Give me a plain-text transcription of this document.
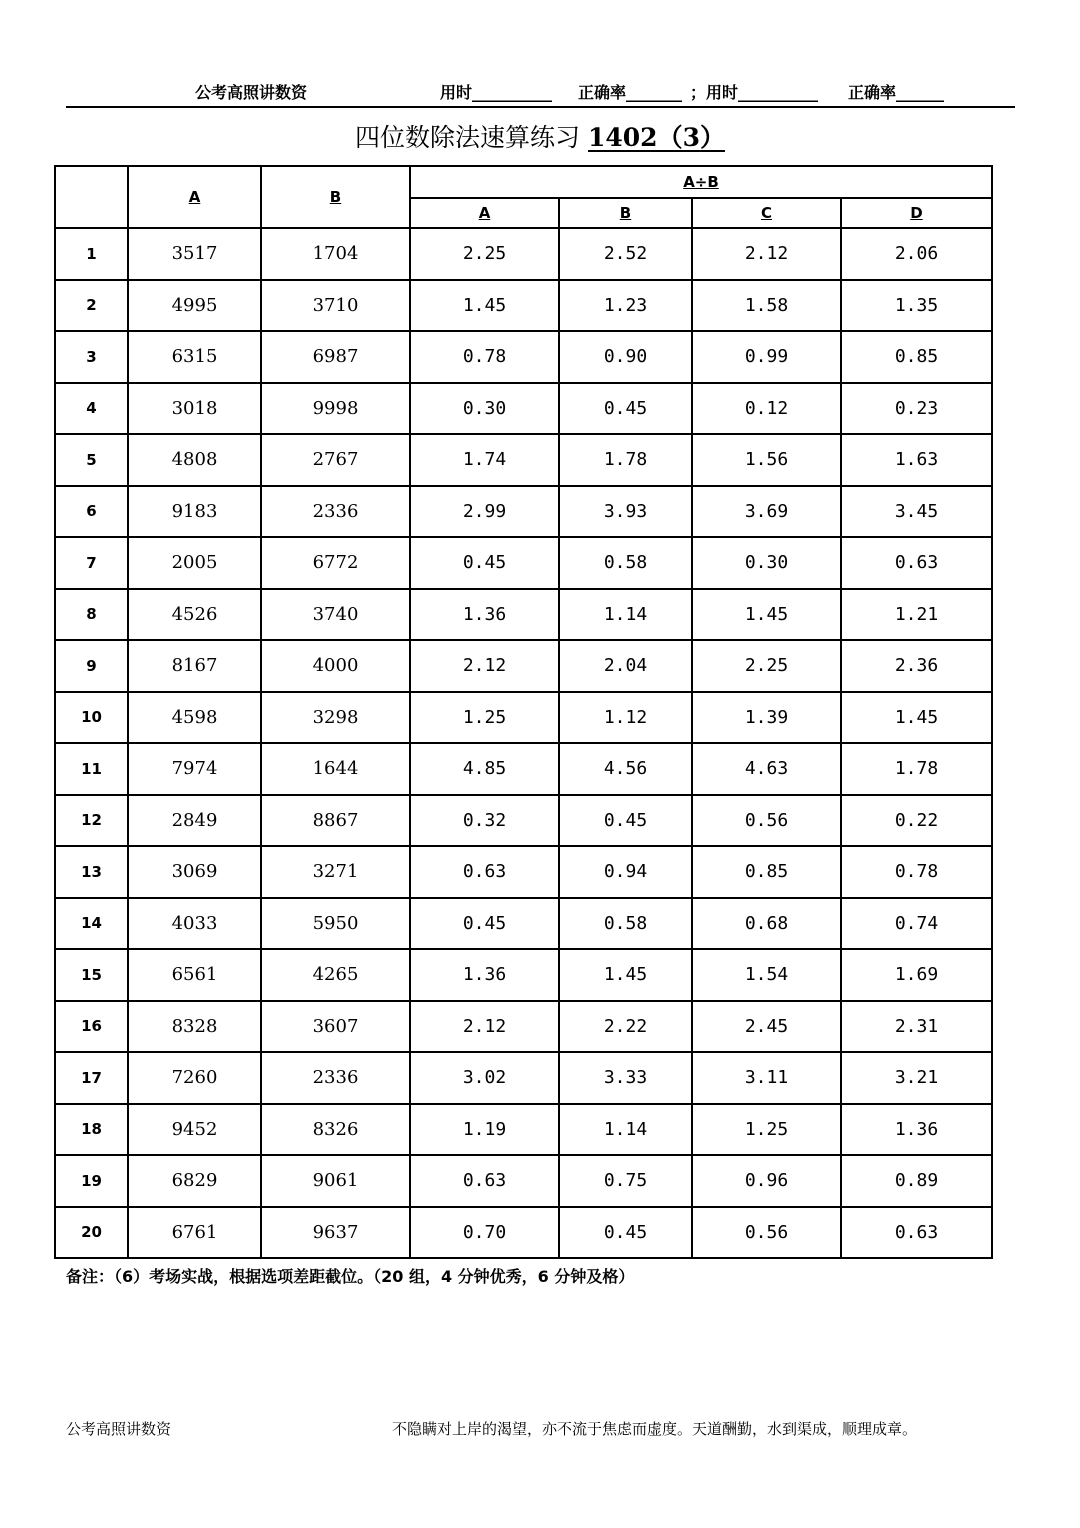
公考高照讲数资	用时__________ 正确率_______ ；用时__________ 正确率______
四位数除法速算练习 1402（3）
	A	B	A÷B			
			A	B	C	D
1	3517	1704	2.25	2.52	2.12	2.06
2	4995	3710	1.45	1.23	1.58	1.35
3	6315	6987	0.78	0.90	0.99	0.85
4	3018	9998	0.30	0.45	0.12	0.23
5	4808	2767	1.74	1.78	1.56	1.63
6	9183	2336	2.99	3.93	3.69	3.45
7	2005	6772	0.45	0.58	0.30	0.63
8	4526	3740	1.36	1.14	1.45	1.21
9	8167	4000	2.12	2.04	2.25	2.36
10	4598	3298	1.25	1.12	1.39	1.45
11	7974	1644	4.85	4.56	4.63	1.78
12	2849	8867	0.32	0.45	0.56	0.22
13	3069	3271	0.63	0.94	0.85	0.78
14	4033	5950	0.45	0.58	0.68	0.74
15	6561	4265	1.36	1.45	1.54	1.69
16	8328	3607	2.12	2.22	2.45	2.31
17	7260	2336	3.02	3.33	3.11	3.21
18	9452	8326	1.19	1.14	1.25	1.36
19	6829	9061	0.63	0.75	0.96	0.89
20	6761	9637	0.70	0.45	0.56	0.63
备注：（6）考场实战，根据选项差距截位。（20 组，4 分钟优秀，6 分钟及格）
公考高照讲数资	不隐瞒对上岸的渴望，亦不流于焦虑而虚度。天道酬勤，水到渠成，顺理成章。
